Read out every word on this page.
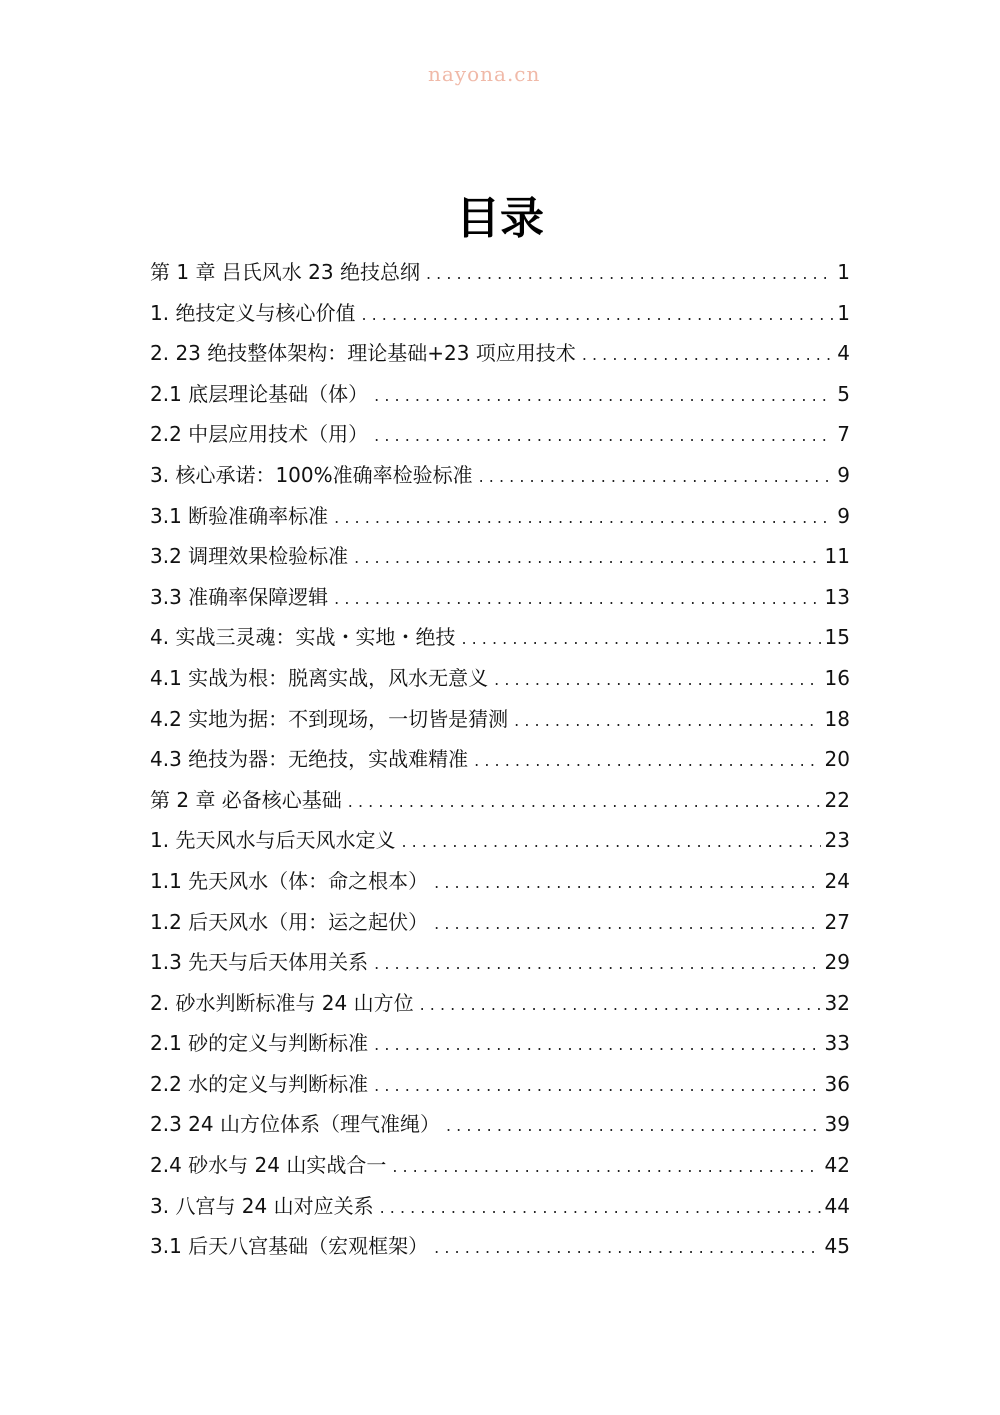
nayona.cn
目录
第 1 章 吕氏风水 23 绝技总纲 . . .	1
1. 绝技定义与核心价值 . . .	1
2. 23 绝技整体架构：理论基础+23 项应用技术 . . .	4
2.1 底层理论基础（体） . . .	5
2.2 中层应用技术（用） . . .	7
3. 核心承诺：100%准确率检验标准 . . .	9
3.1 断验准确率标准 . . .	9
3.2 调理效果检验标准 . . .	11
3.3 准确率保障逻辑 . . .	13
4. 实战三灵魂：实战・实地・绝技 . . .	15
4.1 实战为根：脱离实战，风水无意义 . . .	16
4.2 实地为据：不到现场，一切皆是猜测 . . .	18
4.3 绝技为器：无绝技，实战难精准 . . .	20
第 2 章 必备核心基础 . . .	22
1. 先天风水与后天风水定义 . . .	23
1.1 先天风水（体：命之根本） . . .	24
1.2 后天风水（用：运之起伏） . . .	27
1.3 先天与后天体用关系 . . .	29
2. 砂水判断标准与 24 山方位 . . .	32
2.1 砂的定义与判断标准 . . .	33
2.2 水的定义与判断标准 . . .	36
2.3 24 山方位体系（理气准绳） . . .	39
2.4 砂水与 24 山实战合一 . . .	42
3. 八宫与 24 山对应关系 . . .	44
3.1 后天八宫基础（宏观框架） . . .	45
